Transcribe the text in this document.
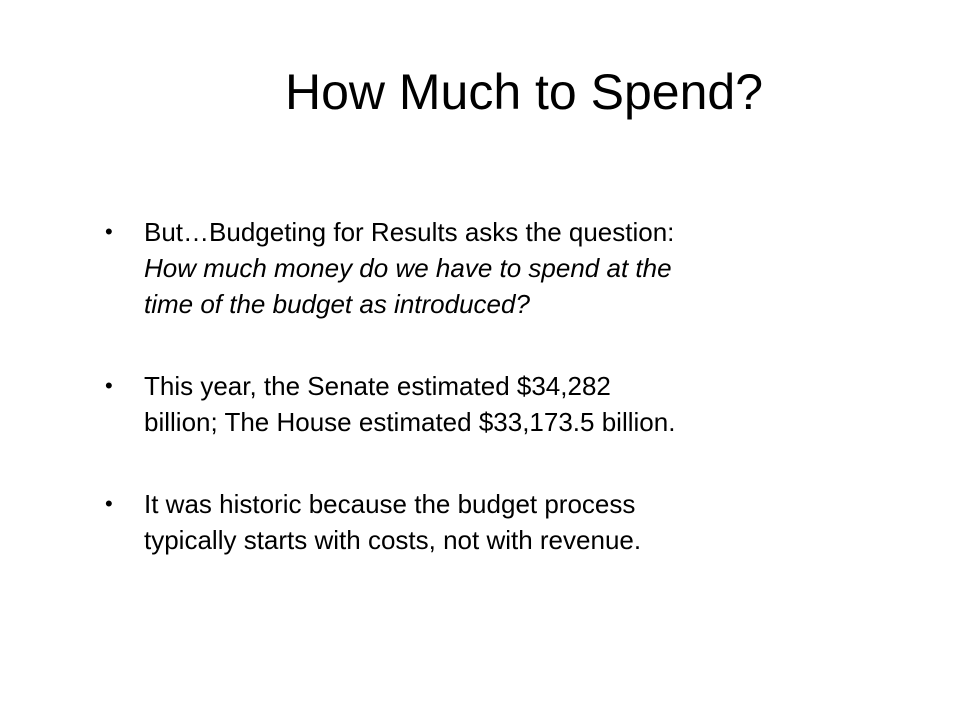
How Much to Spend?
• But…Budgeting for Results asks the question:
How much money do we have to spend at the
time of the budget as introduced?
• This year, the Senate estimated $34,282
billion; The House estimated $33,173.5 billion.
• It was historic because the budget process
typically starts with costs, not with revenue.
